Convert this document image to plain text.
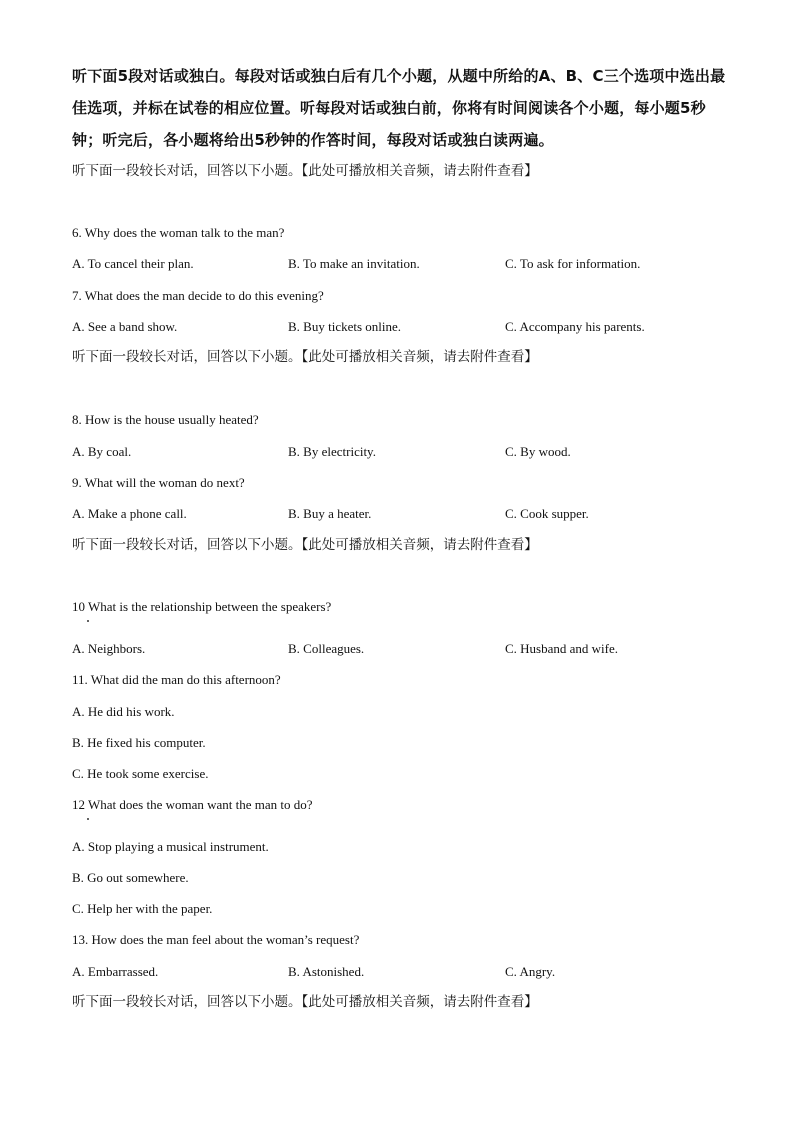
听下面5段对话或独白。每段对话或独白后有几个小题，从题中所给的A、B、C三个选项中选出最佳选项，并标在试卷的相应位置。听每段对话或独白前，你将有时间阅读各个小题，每小题5秒钟；听完后，各小题将给出5秒钟的作答时间，每段对话或独白读两遍。
听下面一段较长对话，回答以下小题。【此处可播放相关音频，请去附件查看】
6. Why does the woman talk to the man?
A. To cancel their plan.	B. To make an invitation.	C. To ask for information.
7. What does the man decide to do this evening?
A. See a band show.	B. Buy tickets online.	C. Accompany his parents.
听下面一段较长对话，回答以下小题。【此处可播放相关音频，请去附件查看】
8. How is the house usually heated?
A. By coal.	B. By electricity.	C. By wood.
9. What will the woman do next?
A. Make a phone call.	B. Buy a heater.	C. Cook supper.
听下面一段较长对话，回答以下小题。【此处可播放相关音频，请去附件查看】
10 What is the relationship between the speakers?
A. Neighbors.	B. Colleagues.	C. Husband and wife.
11. What did the man do this afternoon?
A. He did his work.
B. He fixed his computer.
C. He took some exercise.
12 What does the woman want the man to do?
A. Stop playing a musical instrument.
B. Go out somewhere.
C. Help her with the paper.
13. How does the man feel about the woman’s request?
A. Embarrassed.	B. Astonished.	C. Angry.
听下面一段较长对话，回答以下小题。【此处可播放相关音频，请去附件查看】
